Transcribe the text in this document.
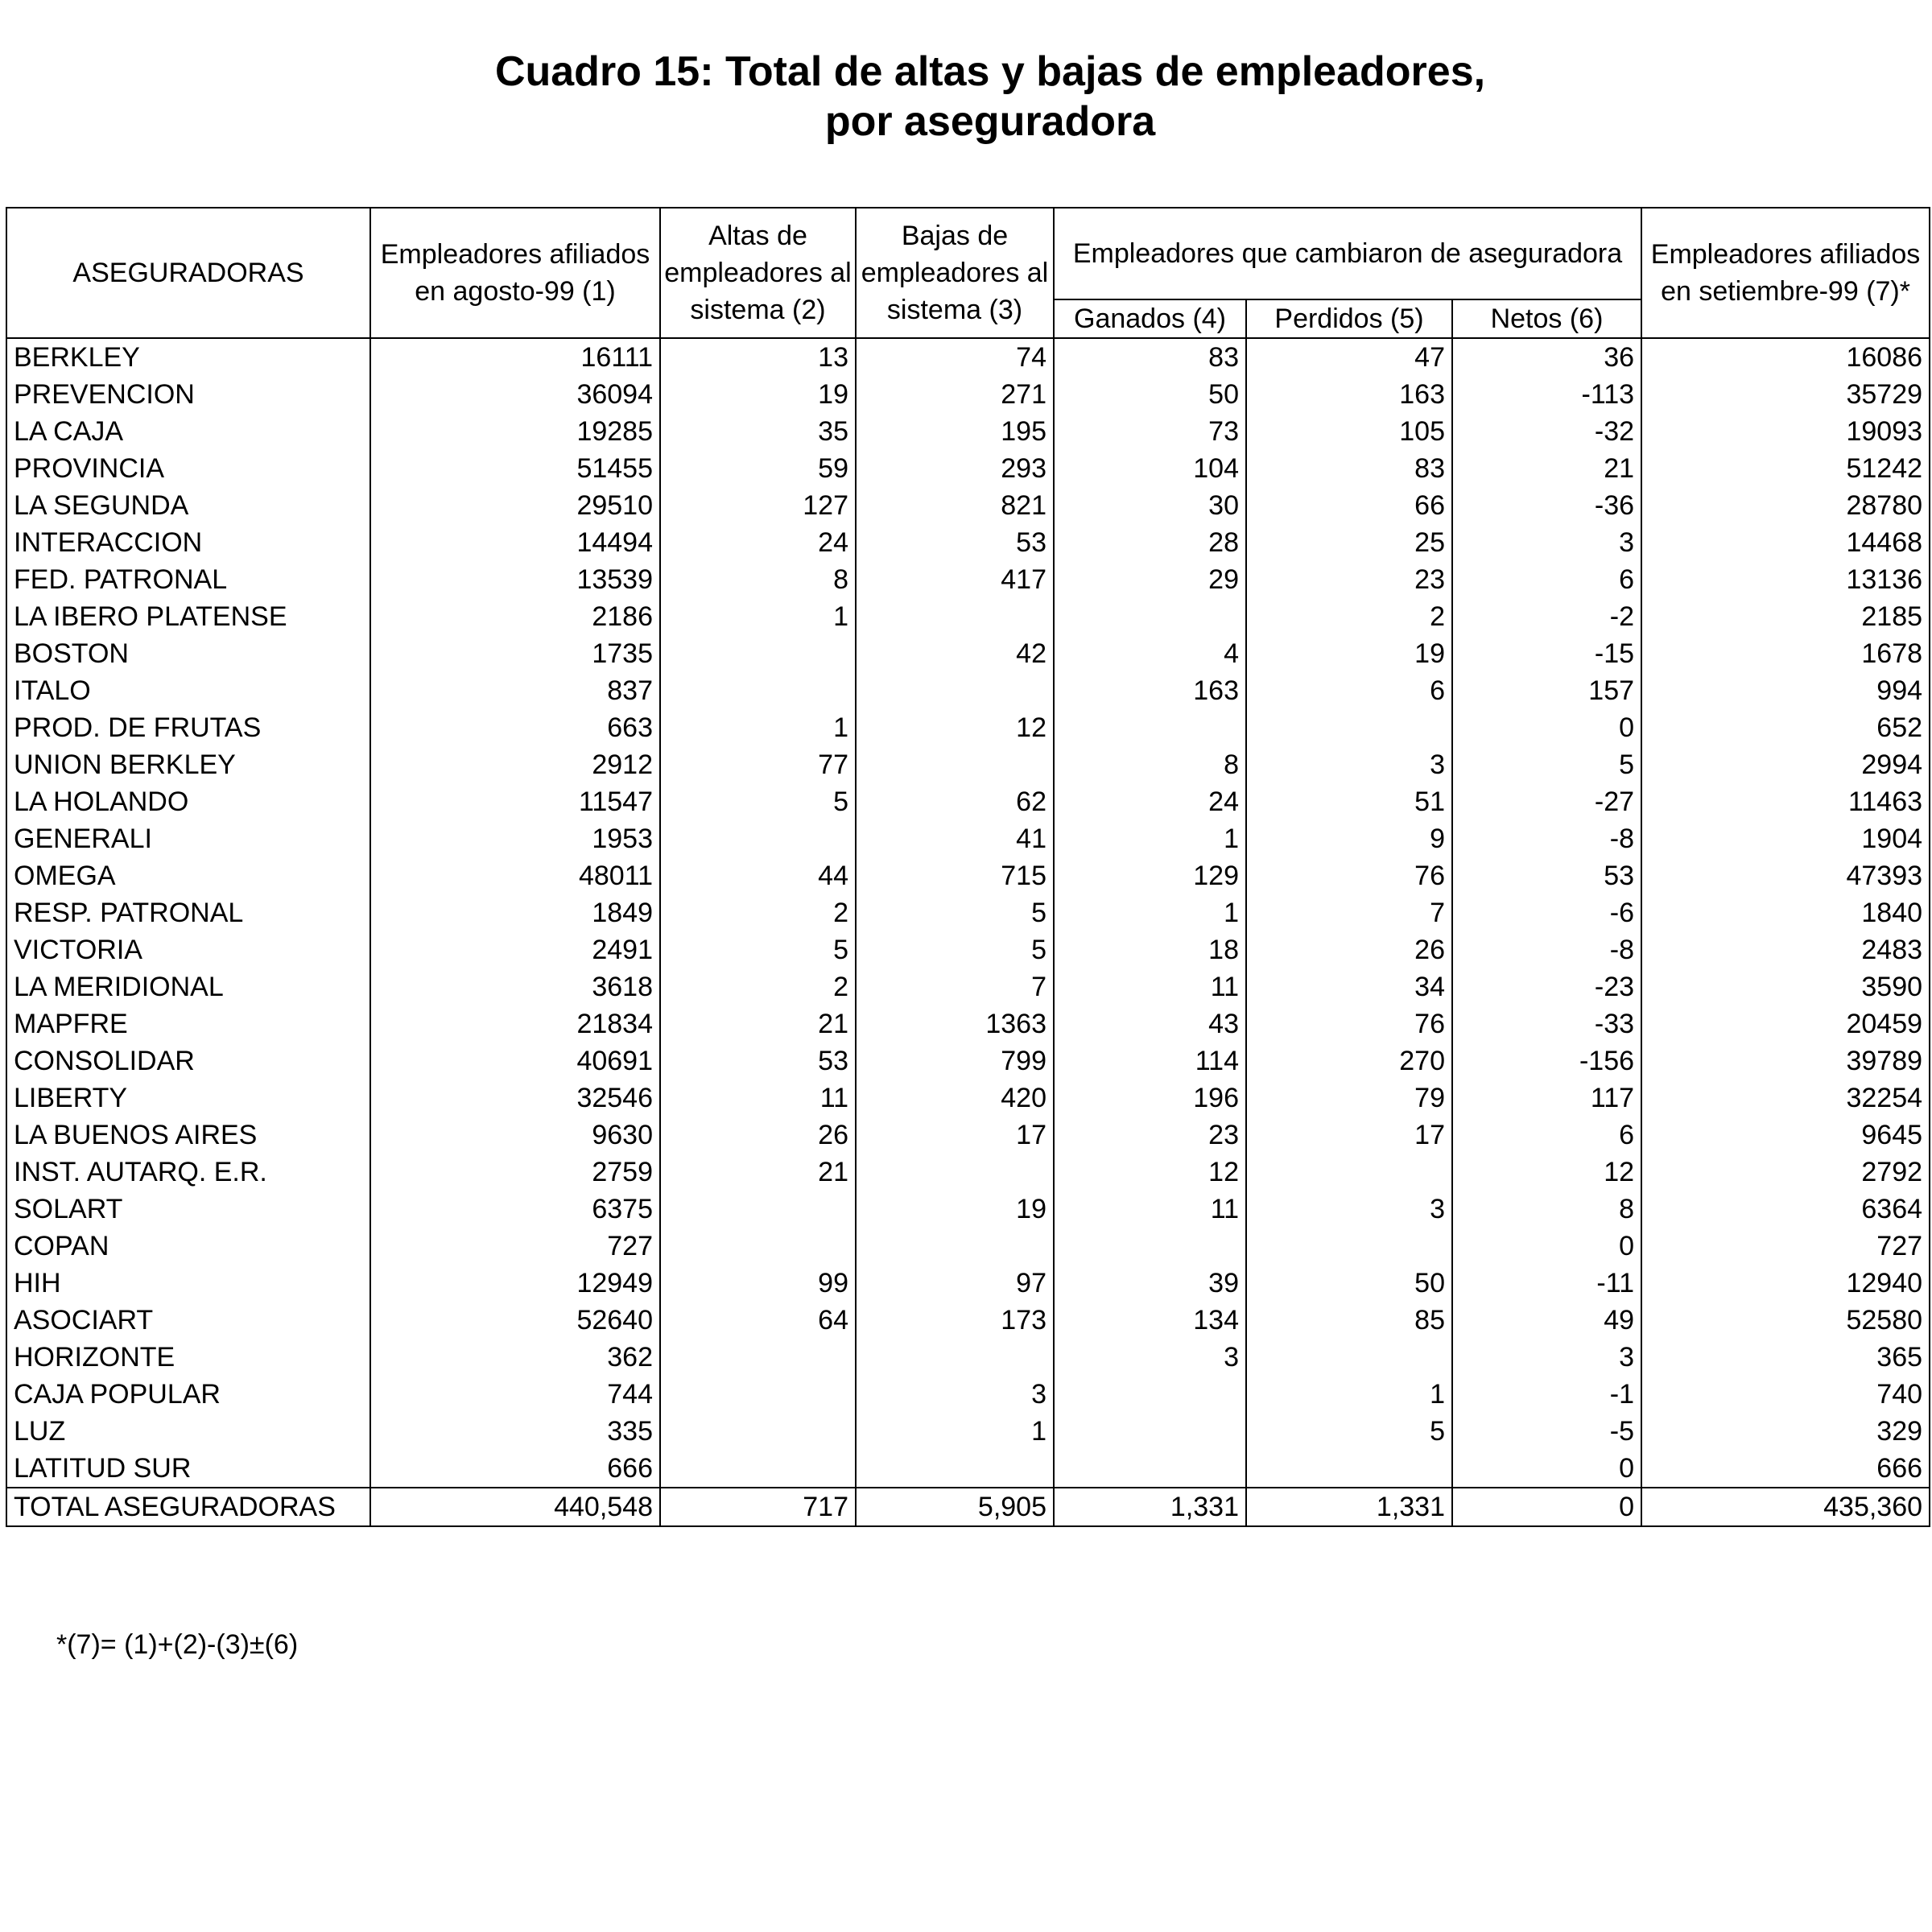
Cuadro 15: Total de altas y bajas de empleadores,
por aseguradora
ASEGURADORAS	Empleadores afiliados en agosto-99 (1)	Altas de empleadores al sistema (2)	Bajas de empleadores al sistema (3)	Empleadores que cambiaron de aseguradora			Empleadores afiliados en setiembre-99 (7)*
				Ganados (4)	Perdidos (5)	Netos (6)	
BERKLEY	16111	13	74	83	47	36	16086
PREVENCION	36094	19	271	50	163	-113	35729
LA CAJA	19285	35	195	73	105	-32	19093
PROVINCIA	51455	59	293	104	83	21	51242
LA SEGUNDA	29510	127	821	30	66	-36	28780
INTERACCION	14494	24	53	28	25	3	14468
FED. PATRONAL	13539	8	417	29	23	6	13136
LA IBERO PLATENSE	2186	1			2	-2	2185
BOSTON	1735		42	4	19	-15	1678
ITALO	837			163	6	157	994
PROD. DE FRUTAS	663	1	12			0	652
UNION BERKLEY	2912	77		8	3	5	2994
LA HOLANDO	11547	5	62	24	51	-27	11463
GENERALI	1953		41	1	9	-8	1904
OMEGA	48011	44	715	129	76	53	47393
RESP. PATRONAL	1849	2	5	1	7	-6	1840
VICTORIA	2491	5	5	18	26	-8	2483
LA MERIDIONAL	3618	2	7	11	34	-23	3590
MAPFRE	21834	21	1363	43	76	-33	20459
CONSOLIDAR	40691	53	799	114	270	-156	39789
LIBERTY	32546	11	420	196	79	117	32254
LA BUENOS AIRES	9630	26	17	23	17	6	9645
INST. AUTARQ. E.R.	2759	21		12		12	2792
SOLART	6375		19	11	3	8	6364
COPAN	727					0	727
HIH	12949	99	97	39	50	-11	12940
ASOCIART	52640	64	173	134	85	49	52580
HORIZONTE	362			3		3	365
CAJA POPULAR	744		3		1	-1	740
LUZ	335		1		5	-5	329
LATITUD SUR	666					0	666
TOTAL ASEGURADORAS	440,548	717	5,905	1,331	1,331	0	435,360
*(7)= (1)+(2)-(3)±(6)
